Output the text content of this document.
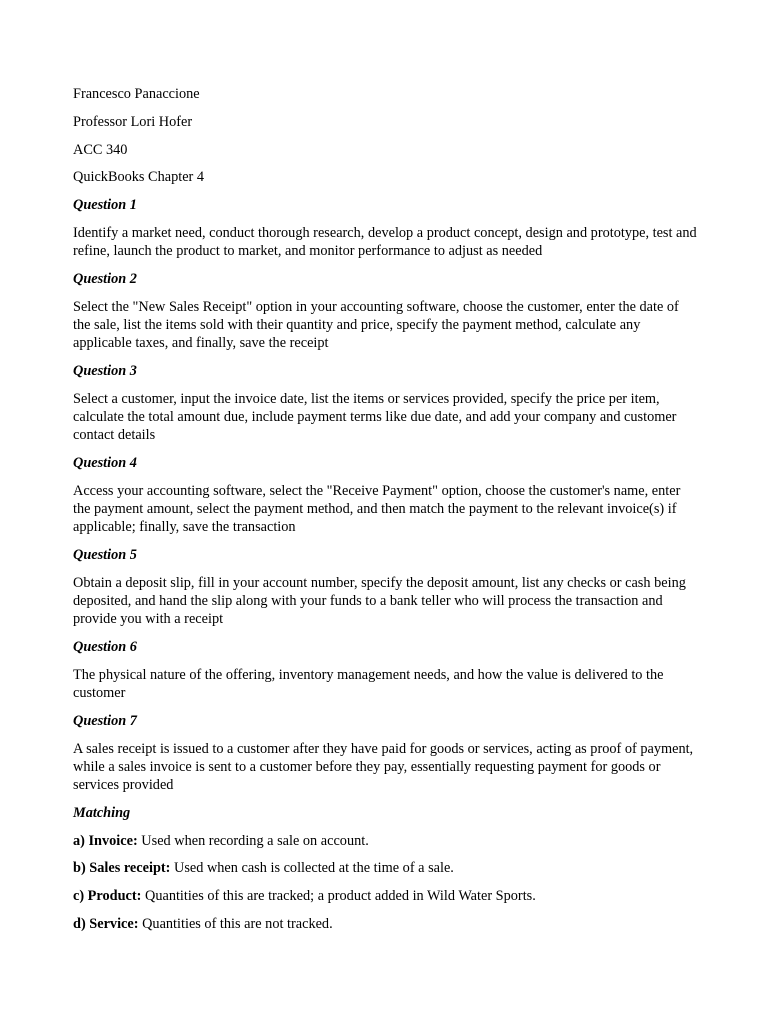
Francesco Panaccione
Professor Lori Hofer
ACC 340
QuickBooks Chapter 4
Question 1
Identify a market need, conduct thorough research, develop a product concept, design and prototype, test and refine, launch the product to market, and monitor performance to adjust as needed
Question 2
Select the "New Sales Receipt" option in your accounting software, choose the customer, enter the date of the sale, list the items sold with their quantity and price, specify the payment method, calculate any applicable taxes, and finally, save the receipt
Question 3
Select a customer, input the invoice date, list the items or services provided, specify the price per item, calculate the total amount due, include payment terms like due date, and add your company and customer contact details
Question 4
Access your accounting software, select the "Receive Payment" option, choose the customer's name, enter the payment amount, select the payment method, and then match the payment to the relevant invoice(s) if applicable; finally, save the transaction
Question 5
Obtain a deposit slip, fill in your account number, specify the deposit amount, list any checks or cash being deposited, and hand the slip along with your funds to a bank teller who will process the transaction and provide you with a receipt
Question 6
The physical nature of the offering, inventory management needs, and how the value is delivered to the customer
Question 7
A sales receipt is issued to a customer after they have paid for goods or services, acting as proof of payment, while a sales invoice is sent to a customer before they pay, essentially requesting payment for goods or services provided
Matching
a) Invoice: Used when recording a sale on account.
b) Sales receipt: Used when cash is collected at the time of a sale.
c) Product: Quantities of this are tracked; a product added in Wild Water Sports.
d) Service: Quantities of this are not tracked.
